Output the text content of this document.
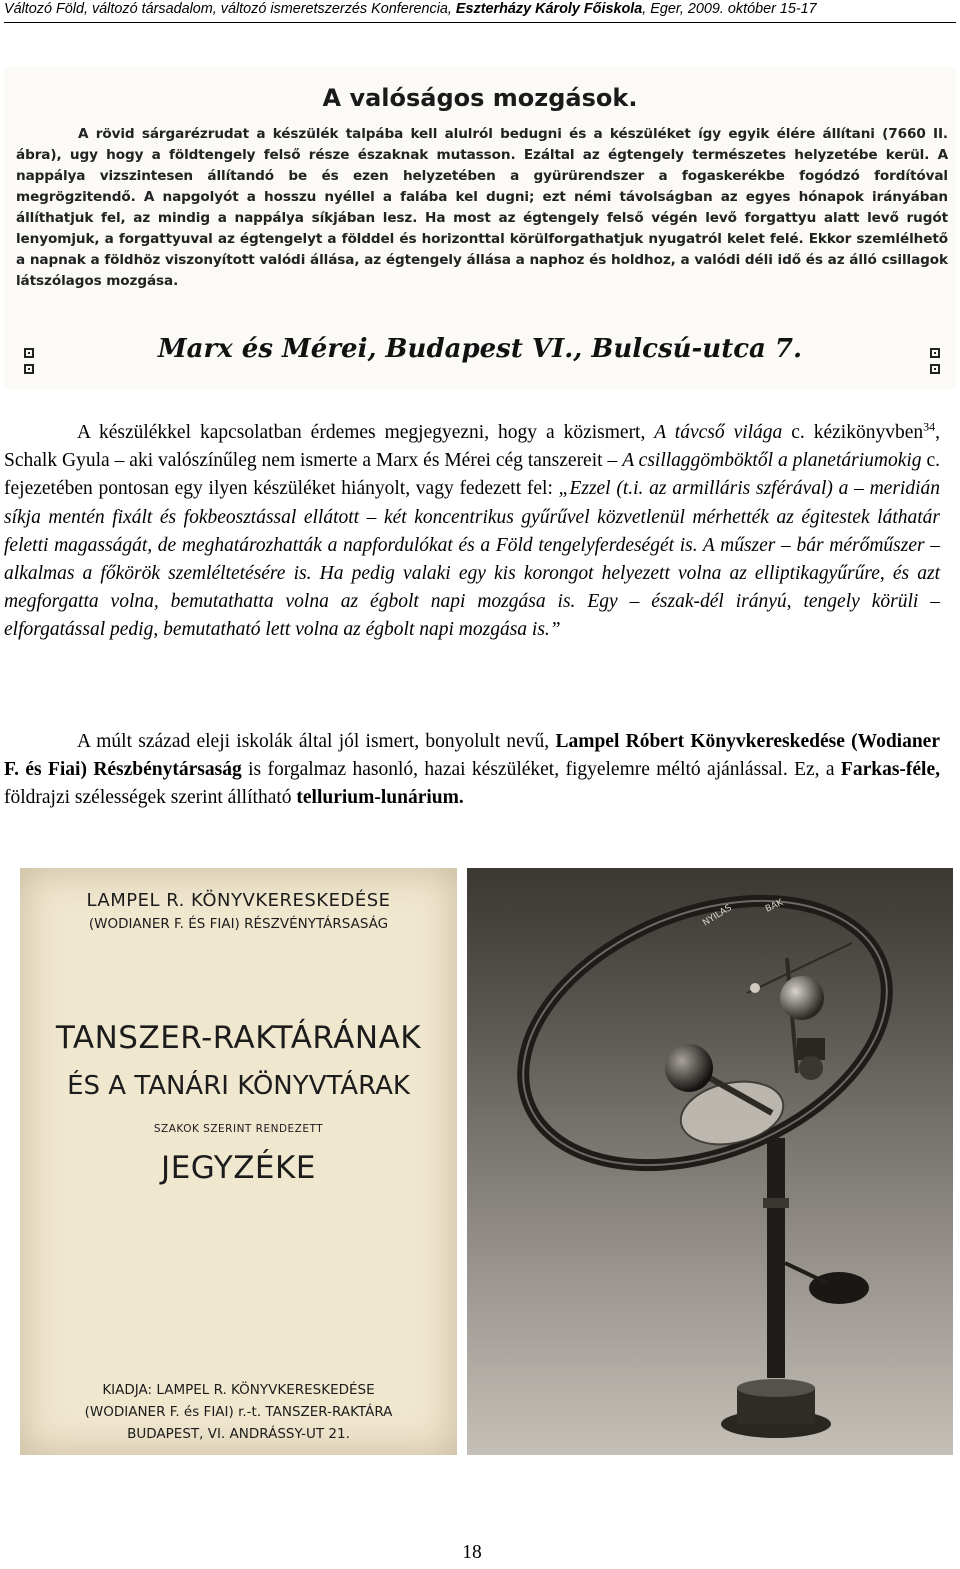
Változó Föld, változó társadalom, változó ismeretszerzés Konferencia, Eszterházy Károly Főiskola, Eger, 2009. október 15-17
A valóságos mozgások.
A rövid sárgarézrudat a készülék talpába kell alulról bedugni és a készüléket így egyik élére állítani (7660 II. ábra), ugy hogy a földtengely felső része északnak mutasson. Ezáltal az égtengely természetes helyzetébe kerül. A nappálya vizszintesen állítandó be és ezen helyzetében a gyürürendszer a fogaskerékbe fogódzó fordítóval megrögzitendő. A napgolyót a hosszu nyéllel a falába kel dugni; ezt némi távolságban az egyes hónapok irányában állíthatjuk fel, az mindig a nappálya síkjában lesz. Ha most az égtengely felső végén levő forgattyu alatt levő rugót lenyomjuk, a forgattyuval az égtengelyt a földdel és horizonttal körülforgathatjuk nyugatról kelet felé. Ekkor szemlélhető a napnak a földhöz viszonyított valódi állása, az égtengely állása a naphoz és holdhoz, a valódi déli idő és az álló csillagok látszólagos mozgása.
Marx és Mérei, Budapest VI., Bulcsú-utca 7.
A készülékkel kapcsolatban érdemes megjegyezni, hogy a közismert, A távcső világa c. kézikönyvben$^{34}$, Schalk Gyula – aki valószínűleg nem ismerte a Marx és Mérei cég tanszereit – A csillaggömböktől a planetáriumokig c. fejezetében pontosan egy ilyen készüléket hiányolt, vagy fedezett fel: „Ezzel (t.i. az armilláris szférával) a – meridián síkja mentén fixált és fokbeosztással ellátott – két koncentrikus gyűrűvel közvetlenül mérhették az égitestek láthatár feletti magasságát, de meghatározhatták a napfordulókat és a Föld tengelyferdeségét is. A műszer – bár mérőműszer – alkalmas a főkörök szemléltetésére is. Ha pedig valaki egy kis korongot helyezett volna az elliptikagyűrűre, és azt megforgatta volna, bemutathatta volna az égbolt napi mozgása is. Egy – észak-dél irányú, tengely körüli – elforgatással pedig, bemutatható lett volna az égbolt napi mozgása is.”
A múlt század eleji iskolák által jól ismert, bonyolult nevű, Lampel Róbert Könyvkereskedése (Wodianer F. és Fiai) Részbénytársaság is forgalmaz hasonló, hazai készüléket, figyelemre méltó ajánlással. Ez, a Farkas-féle, földrajzi szélességek szerint állítható tellurium-lunárium.
LAMPEL R. KÖNYVKERESKEDÉSE
(WODIANER F. ÉS FIAI) RÉSZVÉNYTÁRSASÁG
TANSZER-RAKTÁRÁNAK
ÉS A TANÁRI KÖNYVTÁRAK
SZAKOK SZERINT RENDEZETT
JEGYZÉKE
KIADJA: LAMPEL R. KÖNYVKERESKEDÉSE
(WODIANER F. és FIAI) r.-t. TANSZER-RAKTÁRA
BUDAPEST, VI. ANDRÁSSY-UT 21.
NYILAS	BAK
18
